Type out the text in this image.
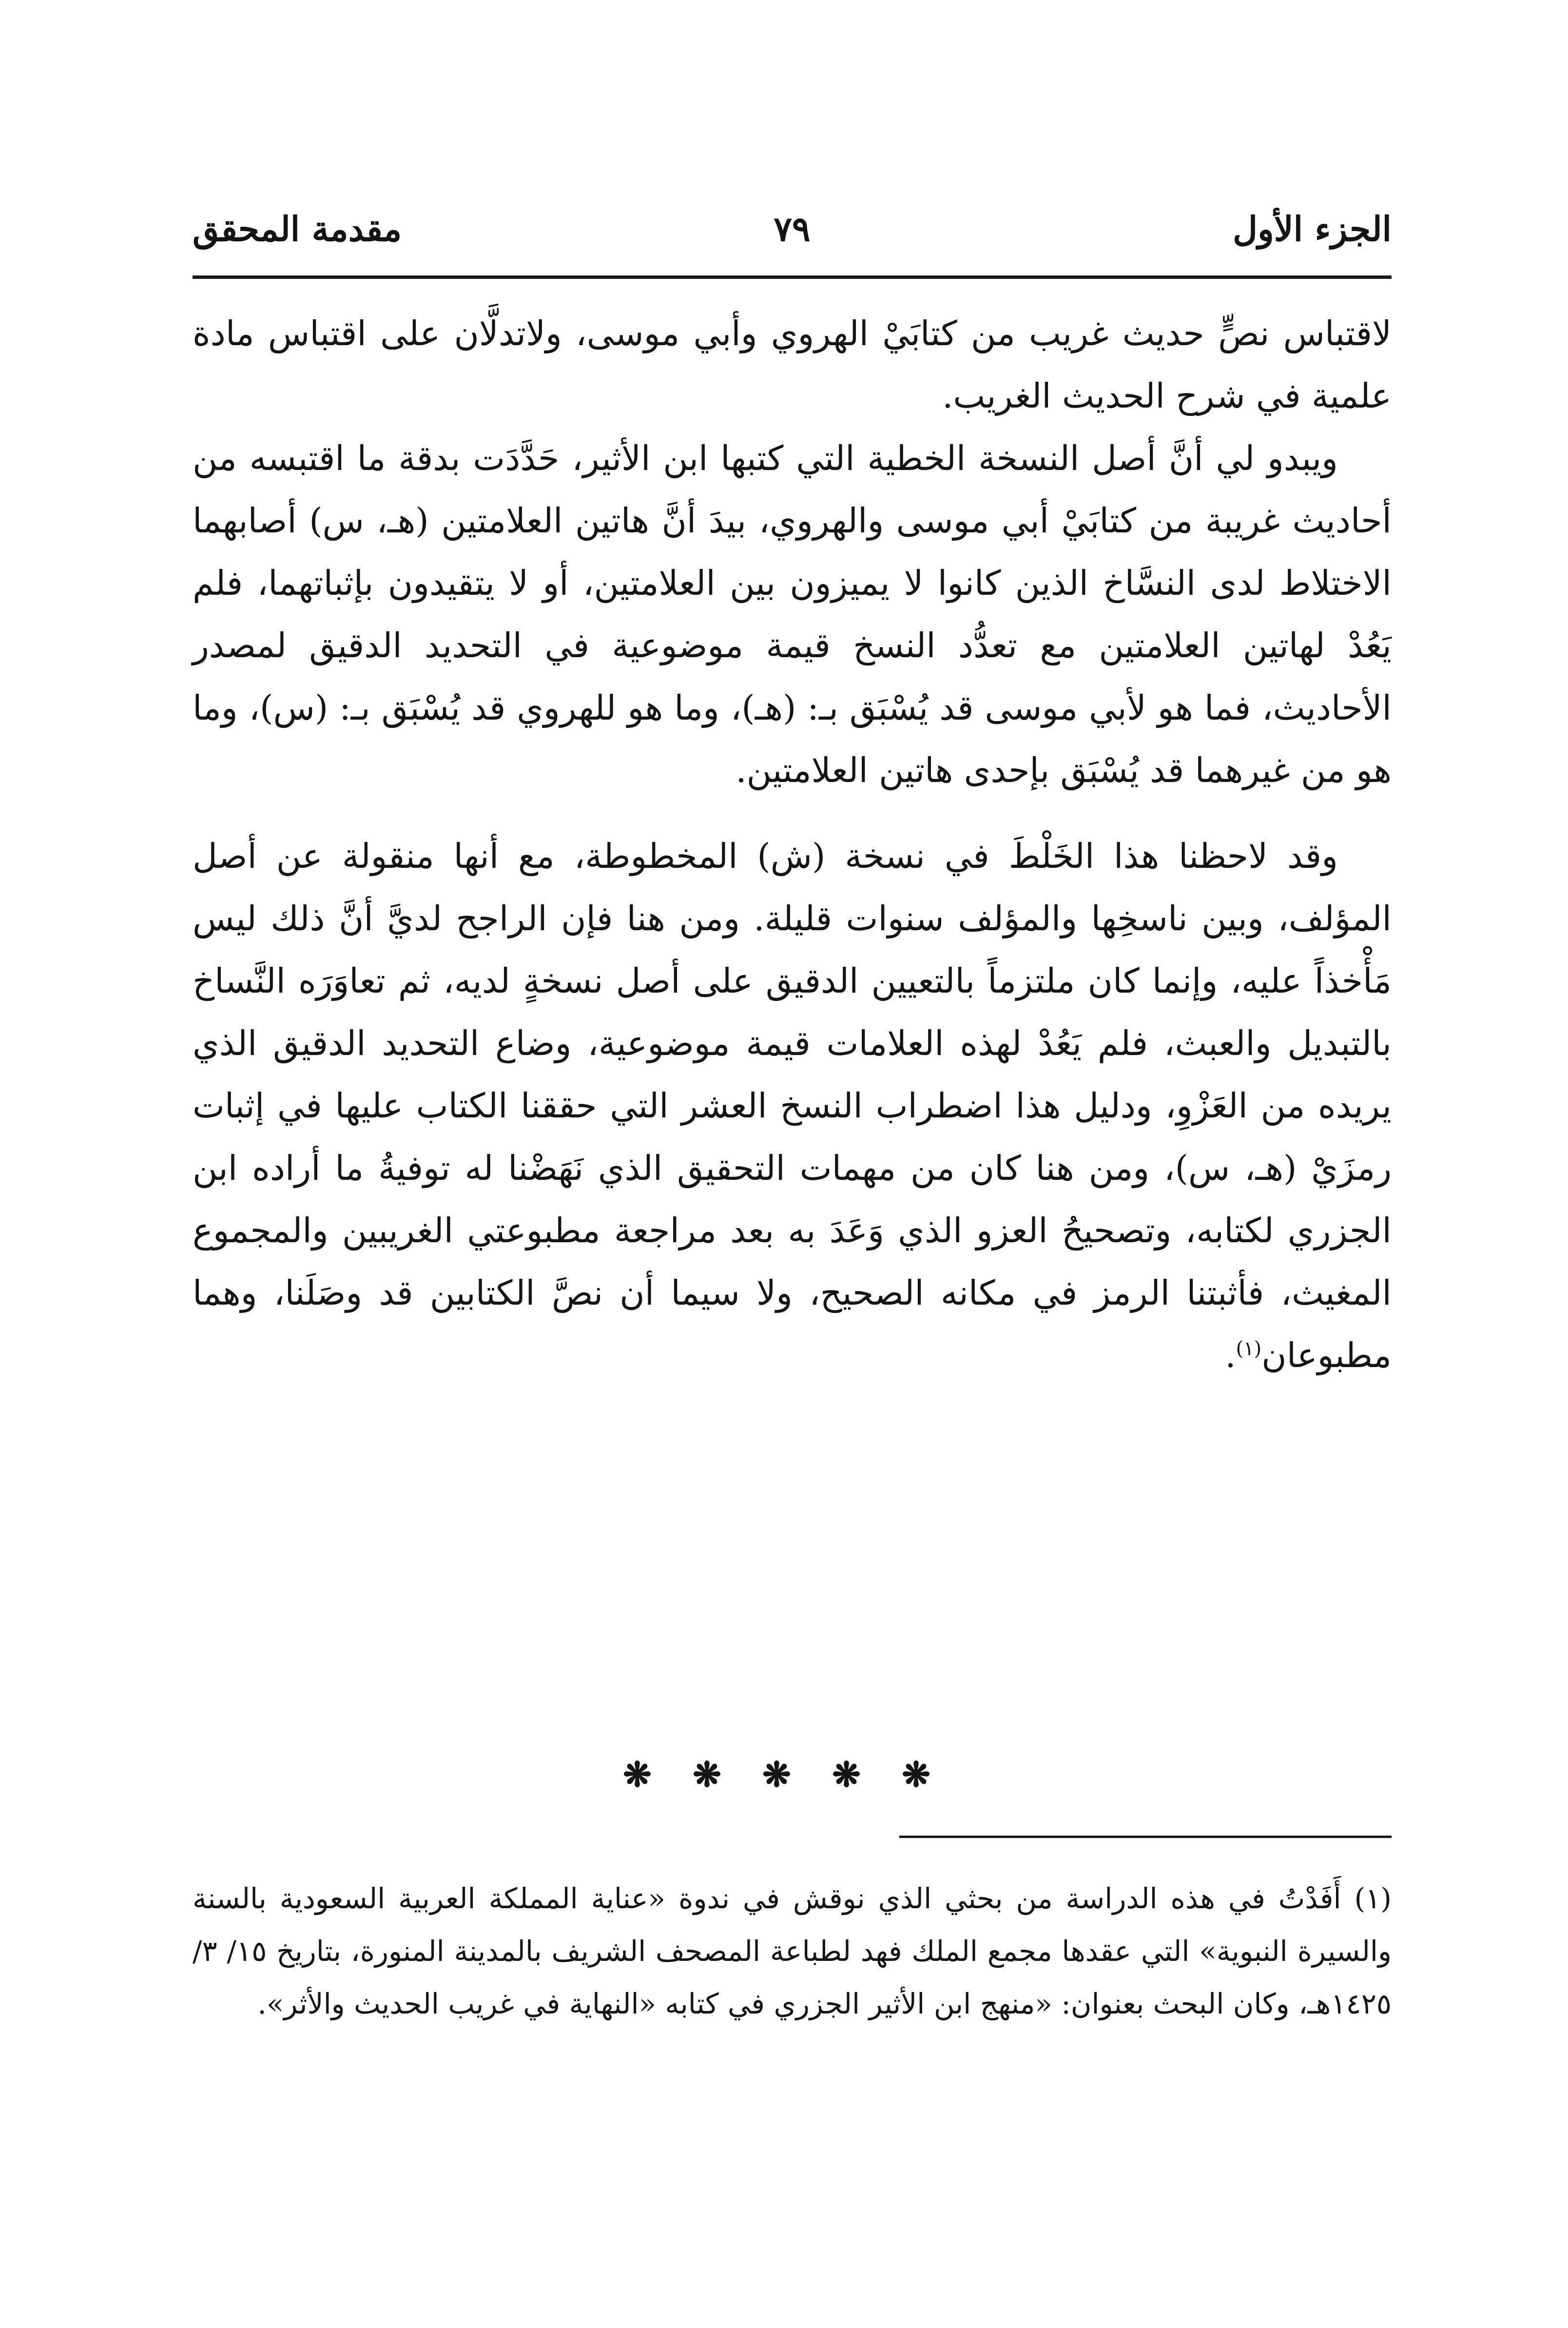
الجزء الأول
٧٩
مقدمة المحقق

لاقتباس نصٍّ حديث غريب من كتابَيْ الهروي وأبي موسى، ولاتدلَّان على اقتباس مادة علمية في شرح الحديث الغريب.

ويبدو لي أنَّ أصل النسخة الخطية التي كتبها ابن الأثير، حَدَّدَت بدقة ما اقتبسه من أحاديث غريبة من كتابَيْ أبي موسى والهروي، بيدَ أنَّ هاتين العلامتين (هـ، س) أصابهما الاختلاط لدى النسَّاخ الذين كانوا لا يميزون بين العلامتين، أو لا يتقيدون بإثباتهما، فلم يَعُدْ لهاتين العلامتين مع تعدُّد النسخ قيمة موضوعية في التحديد الدقيق لمصدر الأحاديث، فما هو لأبي موسى قد يُسْبَق بـ: (هـ)، وما هو للهروي قد يُسْبَق بـ: (س)، وما هو من غيرهما قد يُسْبَق بإحدى هاتين العلامتين.

وقد لاحظنا هذا الخَلْطَ في نسخة (ش) المخطوطة، مع أنها منقولة عن أصل المؤلف، وبين ناسخِها والمؤلف سنوات قليلة. ومن هنا فإن الراجح لديَّ أنَّ ذلك ليس مَأْخذاً عليه، وإنما كان ملتزماً بالتعيين الدقيق على أصل نسخةٍ لديه، ثم تعاوَرَه النَّساخ بالتبديل والعبث، فلم يَعُدْ لهذه العلامات قيمة موضوعية، وضاع التحديد الدقيق الذي يريده من العَزْوِ، ودليل هذا اضطراب النسخ العشر التي حققنا الكتاب عليها في إثبات رمزَيْ (هـ، س)، ومن هنا كان من مهمات التحقيق الذي نَهَضْنا له توفيةُ ما أراده ابن الجزري لكتابه، وتصحيحُ العزو الذي وَعَدَ به بعد مراجعة مطبوعتي الغريبين والمجموع المغيث، فأثبتنا الرمز في مكانه الصحيح، ولا سيما أن نصَّ الكتابين قد وصَلَنا، وهما مطبوعان$^{(١)}$.

❋ ❋ ❋ ❋ ❋

(١) أَفَدْتُ في هذه الدراسة من بحثي الذي نوقش في ندوة «عناية المملكة العربية السعودية بالسنة والسيرة النبوية» التي عقدها مجمع الملك فهد لطباعة المصحف الشريف بالمدينة المنورة، بتاريخ ١٥/ ٣/ ١٤٢٥هـ، وكان البحث بعنوان: «منهج ابن الأثير الجزري في كتابه «النهاية في غريب الحديث والأثر».
